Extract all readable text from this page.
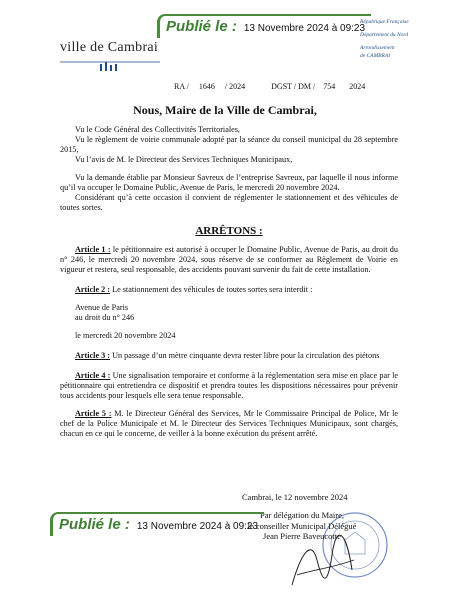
Publié le : 13 Novembre 2024 à 09:23
ville de Cambrai
République Française
Département du Nord
Arrondissement
de CAMBRAI
RA / 1646 / 2024	DGST / DM / 754 2024
Nous, Maire de la Ville de Cambrai,

Vu le Code Général des Collectivités Territoriales,

Vu le règlement de voirie communale adopté par la séance du conseil municipal du 28 septembre 2015,

Vu l’avis de M. le Directeur des Services Techniques Municipaux,

Vu la demande établie par Monsieur Savreux de l’entreprise Savreux, par laquelle il nous informe qu’il va occuper le Domaine Public, Avenue de Paris, le mercredi 20 novembre 2024.

Considérant qu’à cette occasion il convient de réglementer le stationnement et des véhicules de toutes sortes.

ARRÊTONS :

Article 1 : le pétitionnaire est autorisé à occuper le Domaine Public, Avenue de Paris, au droit du n° 246, le mercredi 20 novembre 2024, sous réserve de se conformer au Règlement de Voirie en vigueur et restera, seul responsable, des accidents pouvant survenir du fait de cette installation.

Article 2 : Le stationnement des véhicules de toutes sortes sera interdit :

Avenue de Paris

au droit du n° 246

le mercredi 20 novembre 2024

Article 3 : Un passage d’un mètre cinquante devra rester libre pour la circulation des piétons

Article 4 : Une signalisation temporaire et conforme à la réglementation sera mise en place par le pétitionnaire qui entretiendra ce dispositif et prendra toutes les dispositions nécessaires pour prévenir tous accidents pour lesquels elle sera tenue responsable.

Article 5 : M. le Directeur Général des Services, Mr le Commissaire Principal de Police, Mr le chef de la Police Municipale et M. le Directeur des Services Techniques Municipaux, sont chargés, chacun en ce qui le concerne, de veiller à la bonne exécution du présent arrêté.

Cambrai, le 12 novembre 2024
Par délégation du Maire,
le conseiller Municipal Délégué
Jean Pierre Baveucotte
Publié le : 13 Novembre 2024 à 09:23
